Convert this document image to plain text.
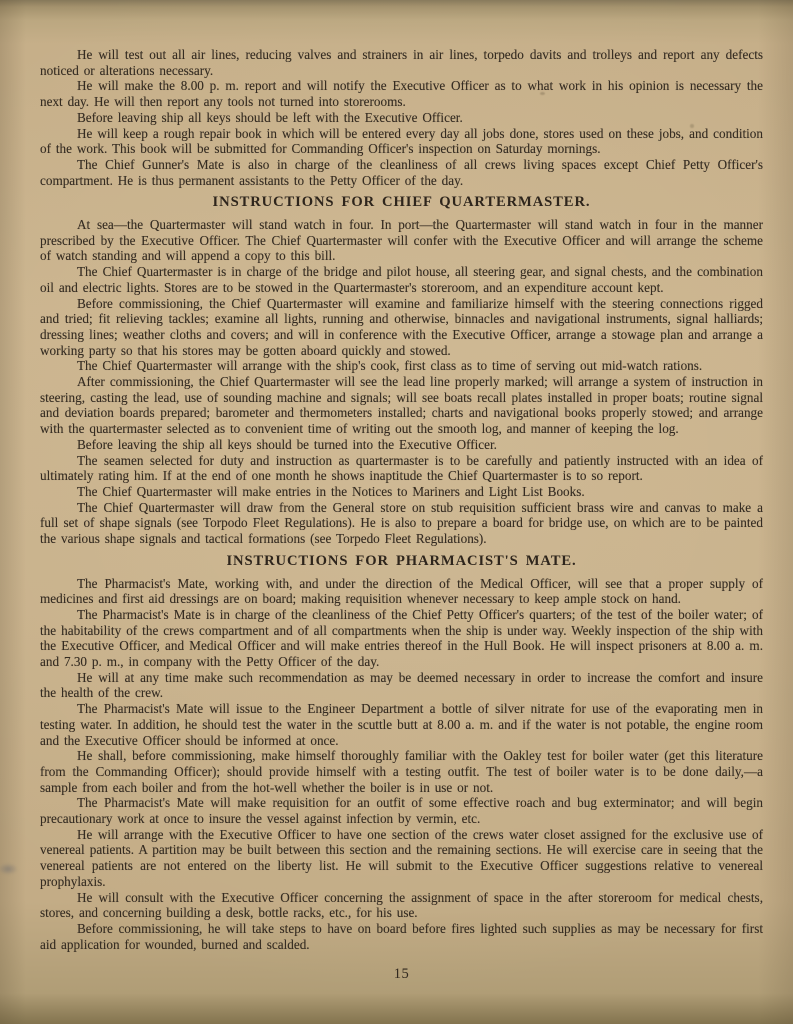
He will test out all air lines, reducing valves and strainers in air lines, torpedo davits and trolleys and report any defects noticed or alterations necessary.

He will make the 8.00 p. m. report and will notify the Executive Officer as to what work in his opinion is necessary the next day. He will then report any tools not turned into storerooms.

Before leaving ship all keys should be left with the Executive Officer.

He will keep a rough repair book in which will be entered every day all jobs done, stores used on these jobs, and condition of the work. This book will be submitted for Commanding Officer's inspection on Saturday mornings.

The Chief Gunner's Mate is also in charge of the cleanliness of all crews living spaces except Chief Petty Officer's compartment. He is thus permanent assistants to the Petty Officer of the day.

INSTRUCTIONS FOR CHIEF QUARTERMASTER.

At sea—the Quartermaster will stand watch in four. In port—the Quartermaster will stand watch in four in the manner prescribed by the Executive Officer. The Chief Quartermaster will confer with the Executive Officer and will arrange the scheme of watch standing and will append a copy to this bill.

The Chief Quartermaster is in charge of the bridge and pilot house, all steering gear, and signal chests, and the combination oil and electric lights. Stores are to be stowed in the Quartermaster's storeroom, and an expenditure account kept.

Before commissioning, the Chief Quartermaster will examine and familiarize himself with the steering connections rigged and tried; fit relieving tackles; examine all lights, running and otherwise, binnacles and navigational instruments, signal halliards; dressing lines; weather cloths and covers; and will in conference with the Executive Officer, arrange a stowage plan and arrange a working party so that his stores may be gotten aboard quickly and stowed.

The Chief Quartermaster will arrange with the ship's cook, first class as to time of serving out mid-watch rations.

After commissioning, the Chief Quartermaster will see the lead line properly marked; will arrange a system of instruction in steering, casting the lead, use of sounding machine and signals; will see boats recall plates installed in proper boats; routine signal and deviation boards prepared; barometer and thermometers installed; charts and navigational books properly stowed; and arrange with the quartermaster selected as to convenient time of writing out the smooth log, and manner of keeping the log.

Before leaving the ship all keys should be turned into the Executive Officer.

The seamen selected for duty and instruction as quartermaster is to be carefully and patiently instructed with an idea of ultimately rating him. If at the end of one month he shows inaptitude the Chief Quartermaster is to so report.

The Chief Quartermaster will make entries in the Notices to Mariners and Light List Books.

The Chief Quartermaster will draw from the General store on stub requisition sufficient brass wire and canvas to make a full set of shape signals (see Torpodo Fleet Regulations). He is also to prepare a board for bridge use, on which are to be painted the various shape signals and tactical formations (see Torpedo Fleet Regulations).

INSTRUCTIONS FOR PHARMACIST'S MATE.

The Pharmacist's Mate, working with, and under the direction of the Medical Officer, will see that a proper supply of medicines and first aid dressings are on board; making requisition whenever necessary to keep ample stock on hand.

The Pharmacist's Mate is in charge of the cleanliness of the Chief Petty Officer's quarters; of the test of the boiler water; of the habitability of the crews compartment and of all compartments when the ship is under way. Weekly inspection of the ship with the Executive Officer, and Medical Officer and will make entries thereof in the Hull Book. He will inspect prisoners at 8.00 a. m. and 7.30 p. m., in company with the Petty Officer of the day.

He will at any time make such recommendation as may be deemed necessary in order to increase the comfort and insure the health of the crew.

The Pharmacist's Mate will issue to the Engineer Department a bottle of silver nitrate for use of the evaporating men in testing water. In addition, he should test the water in the scuttle butt at 8.00 a. m. and if the water is not potable, the engine room and the Executive Officer should be informed at once.

He shall, before commissioning, make himself thoroughly familiar with the Oakley test for boiler water (get this literature from the Commanding Officer); should provide himself with a testing outfit. The test of boiler water is to be done daily,—a sample from each boiler and from the hot-well whether the boiler is in use or not.

The Pharmacist's Mate will make requisition for an outfit of some effective roach and bug exterminator; and will begin precautionary work at once to insure the vessel against infection by vermin, etc.

He will arrange with the Executive Officer to have one section of the crews water closet assigned for the exclusive use of venereal patients. A partition may be built between this section and the remaining sections. He will exercise care in seeing that the venereal patients are not entered on the liberty list. He will submit to the Executive Officer suggestions relative to venereal prophylaxis.

He will consult with the Executive Officer concerning the assignment of space in the after storeroom for medical chests, stores, and concerning building a desk, bottle racks, etc., for his use.

Before commissioning, he will take steps to have on board before fires lighted such supplies as may be necessary for first aid application for wounded, burned and scalded.

15
